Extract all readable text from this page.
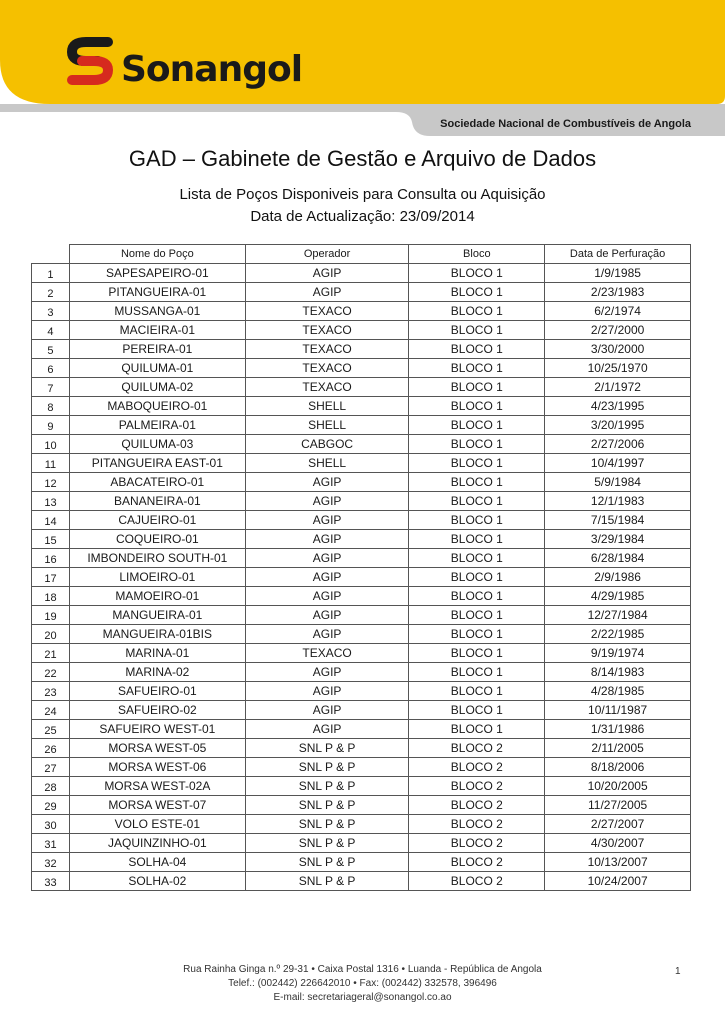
Sonangol
Sociedade Nacional de Combustíveis de Angola
GAD – Gabinete de Gestão e Arquivo de Dados
Lista de Poços Disponiveis para Consulta ou Aquisição
Data de Actualização: 23/09/2014
	Nome do Poço	Operador	Bloco	Data de Perfuração
1	SAPESAPEIRO-01	AGIP	BLOCO 1	1/9/1985
2	PITANGUEIRA-01	AGIP	BLOCO 1	2/23/1983
3	MUSSANGA-01	TEXACO	BLOCO 1	6/2/1974
4	MACIEIRA-01	TEXACO	BLOCO 1	2/27/2000
5	PEREIRA-01	TEXACO	BLOCO 1	3/30/2000
6	QUILUMA-01	TEXACO	BLOCO 1	10/25/1970
7	QUILUMA-02	TEXACO	BLOCO 1	2/1/1972
8	MABOQUEIRO-01	SHELL	BLOCO 1	4/23/1995
9	PALMEIRA-01	SHELL	BLOCO 1	3/20/1995
10	QUILUMA-03	CABGOC	BLOCO 1	2/27/2006
11	PITANGUEIRA EAST-01	SHELL	BLOCO 1	10/4/1997
12	ABACATEIRO-01	AGIP	BLOCO 1	5/9/1984
13	BANANEIRA-01	AGIP	BLOCO 1	12/1/1983
14	CAJUEIRO-01	AGIP	BLOCO 1	7/15/1984
15	COQUEIRO-01	AGIP	BLOCO 1	3/29/1984
16	IMBONDEIRO SOUTH-01	AGIP	BLOCO 1	6/28/1984
17	LIMOEIRO-01	AGIP	BLOCO 1	2/9/1986
18	MAMOEIRO-01	AGIP	BLOCO 1	4/29/1985
19	MANGUEIRA-01	AGIP	BLOCO 1	12/27/1984
20	MANGUEIRA-01BIS	AGIP	BLOCO 1	2/22/1985
21	MARINA-01	TEXACO	BLOCO 1	9/19/1974
22	MARINA-02	AGIP	BLOCO 1	8/14/1983
23	SAFUEIRO-01	AGIP	BLOCO 1	4/28/1985
24	SAFUEIRO-02	AGIP	BLOCO 1	10/11/1987
25	SAFUEIRO WEST-01	AGIP	BLOCO 1	1/31/1986
26	MORSA WEST-05	SNL P & P	BLOCO 2	2/11/2005
27	MORSA WEST-06	SNL P & P	BLOCO 2	8/18/2006
28	MORSA WEST-02A	SNL P & P	BLOCO 2	10/20/2005
29	MORSA WEST-07	SNL P & P	BLOCO 2	11/27/2005
30	VOLO ESTE-01	SNL P & P	BLOCO 2	2/27/2007
31	JAQUINZINHO-01	SNL P & P	BLOCO 2	4/30/2007
32	SOLHA-04	SNL P & P	BLOCO 2	10/13/2007
33	SOLHA-02	SNL P & P	BLOCO 2	10/24/2007
Rua Rainha Ginga n.º 29-31 • Caixa Postal 1316 • Luanda - República de Angola
Telef.: (002442) 226642010 • Fax: (002442) 332578, 396496
E-mail: secretariageral@sonangol.co.ao
1
